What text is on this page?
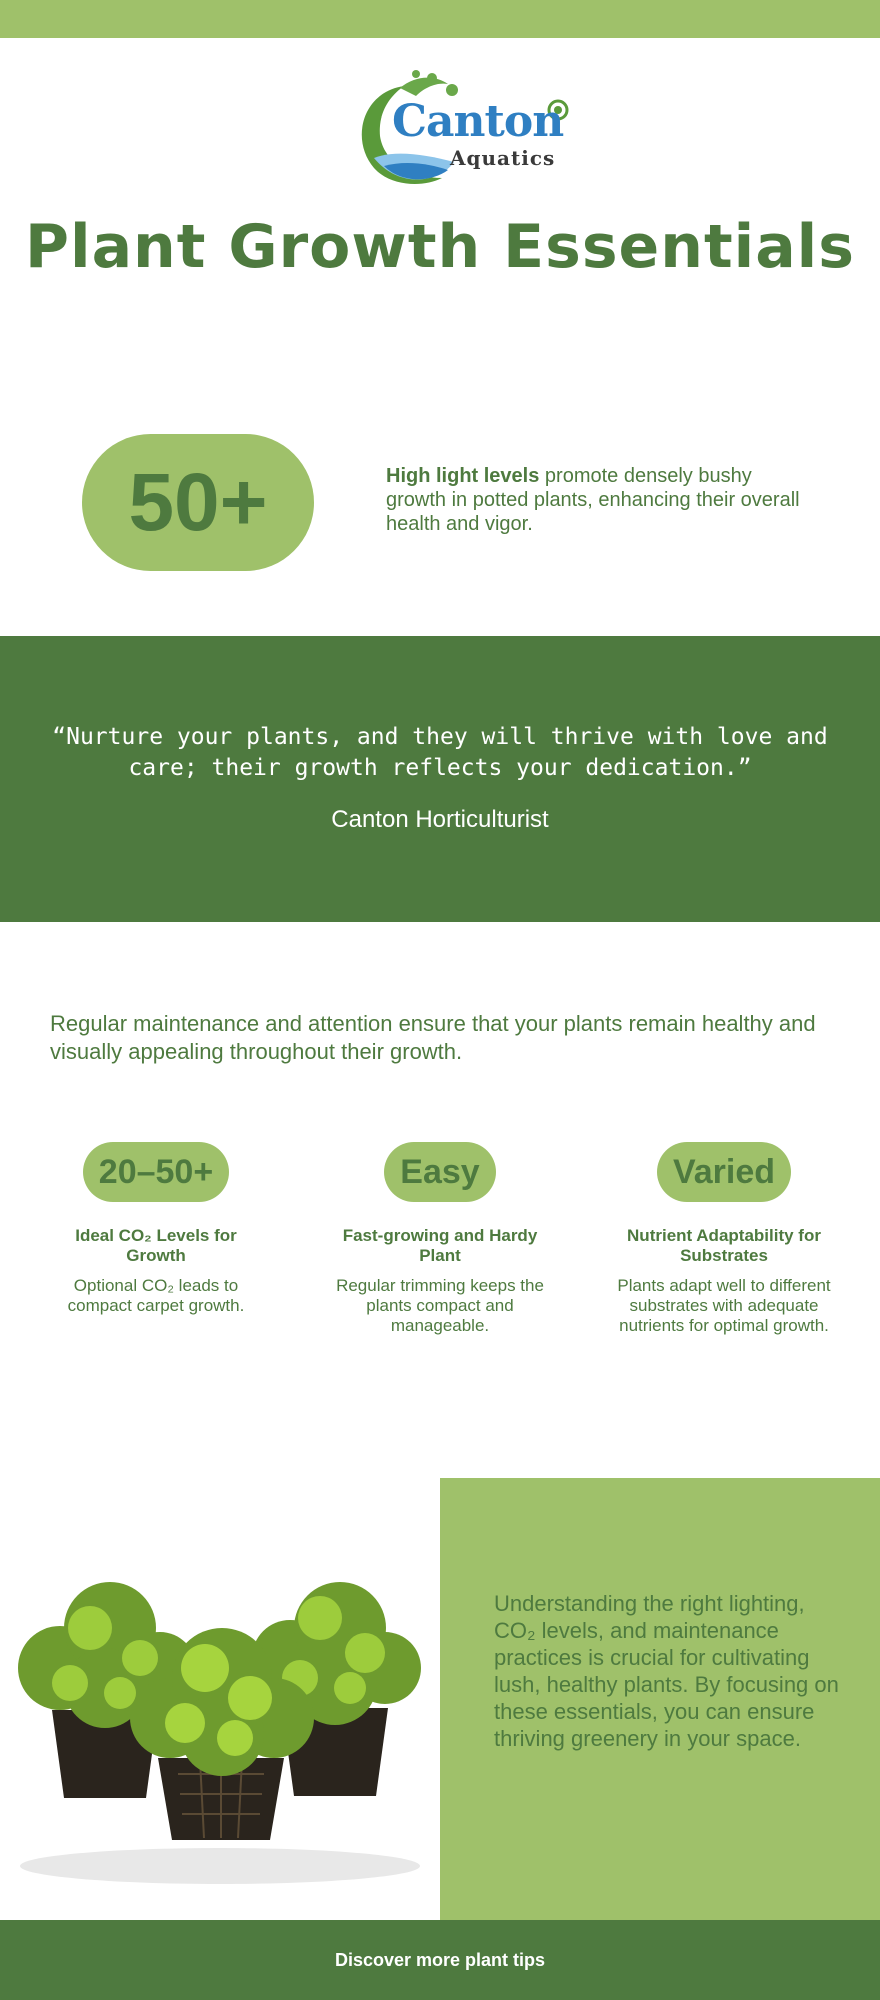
Canton
Aquatics
Plant Growth Essentials
50+	High light levels promote densely bushy growth in potted plants, enhancing their overall health and vigor.

“Nurture your plants, and they will thrive with love and care; their growth reflects your dedication.”

Canton Horticulturist

Regular maintenance and attention ensure that your plants remain healthy and visually appealing throughout their growth.

20–50+
Ideal CO₂ Levels for Growth
Optional CO₂ leads to compact carpet growth.
Easy
Fast-growing and Hardy Plant
Regular trimming keeps the plants compact and manageable.
Varied
Nutrient Adaptability for Substrates
Plants adapt well to different substrates with adequate nutrients for optimal growth.

Understanding the right lighting, CO₂ levels, and maintenance practices is crucial for cultivating lush, healthy plants. By focusing on these essentials, you can ensure thriving greenery in your space.

Discover more plant tips
